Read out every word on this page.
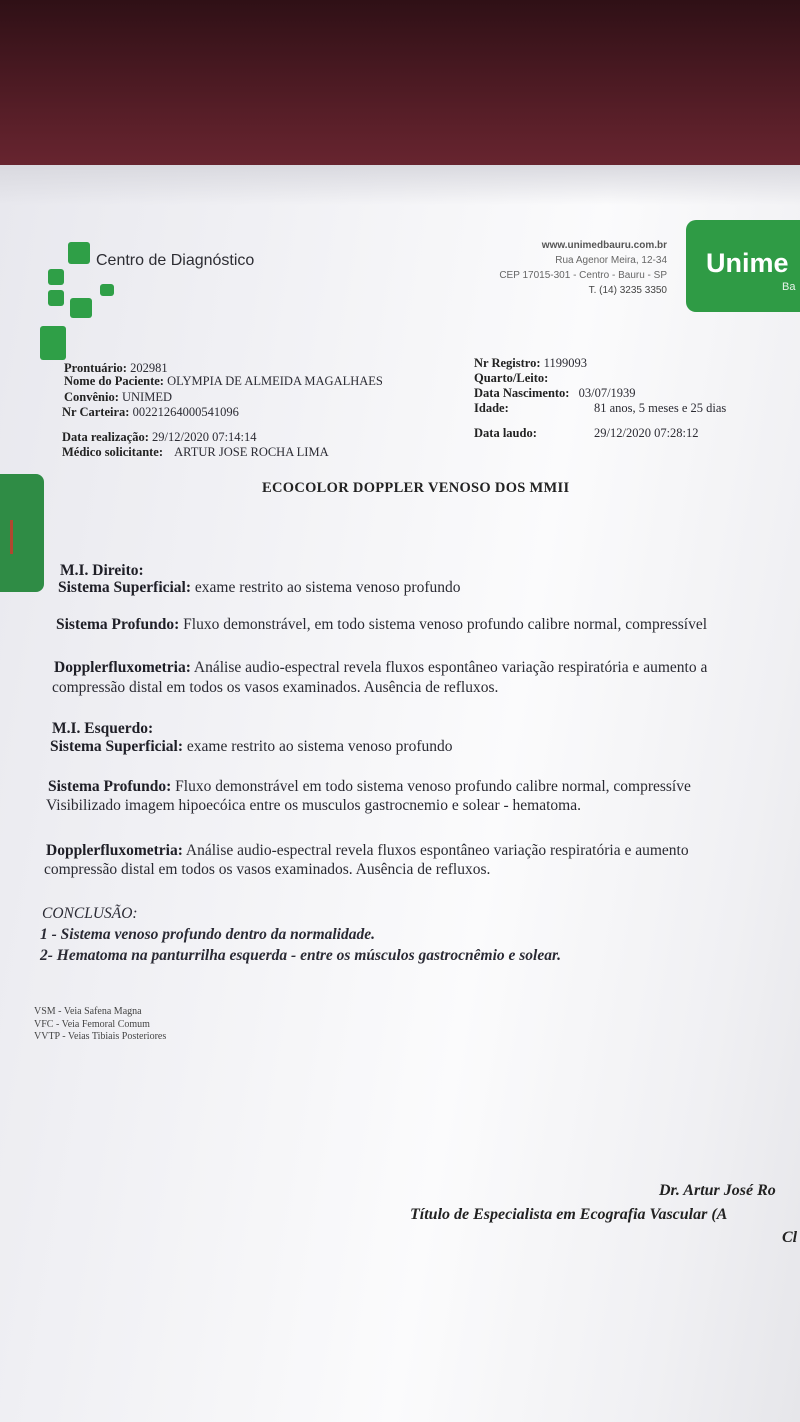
Centro de Diagnóstico
www.unimedbauru.com.br
Rua Agenor Meira, 12-34
CEP 17015-301 - Centro - Bauru - SP
T. (14) 3235 3350
Unime
Ba
Prontuário: 202981
Nome do Paciente: OLYMPIA DE ALMEIDA MAGALHAES
Convênio: UNIMED
Nr Carteira: 00221264000541096
Data realização: 29/12/2020 07:14:14
Médico solicitante: ARTUR JOSE ROCHA LIMA
Nr Registro: 1199093
Quarto/Leito:
Data Nascimento: 03/07/1939
Idade:	81 anos, 5 meses e 25 dias
Data laudo:	29/12/2020 07:28:12
ECOCOLOR DOPPLER VENOSO DOS MMII
M.I. Direito:
Sistema Superficial: exame restrito ao sistema venoso profundo
Sistema Profundo: Fluxo demonstrável, em todo sistema venoso profundo calibre normal, compressível
Dopplerfluxometria: Análise audio-espectral revela fluxos espontâneo variação respiratória e aumento a
compressão distal em todos os vasos examinados. Ausência de refluxos.
M.I. Esquerdo:
Sistema Superficial: exame restrito ao sistema venoso profundo
Sistema Profundo: Fluxo demonstrável em todo sistema venoso profundo calibre normal, compressíve
Visibilizado imagem hipoecóica entre os musculos gastrocnemio e solear - hematoma.
Dopplerfluxometria: Análise audio-espectral revela fluxos espontâneo variação respiratória e aumento
compressão distal em todos os vasos examinados. Ausência de refluxos.
CONCLUSÃO:
1 - Sistema venoso profundo dentro da normalidade.
2- Hematoma na panturrilha esquerda - entre os músculos gastrocnêmio e solear.
VSM - Veia Safena Magna
VFC - Veia Femoral Comum
VVTP - Veias Tibiais Posteriores
Dr. Artur José Ro
Título de Especialista em Ecografia Vascular (A
Cl
